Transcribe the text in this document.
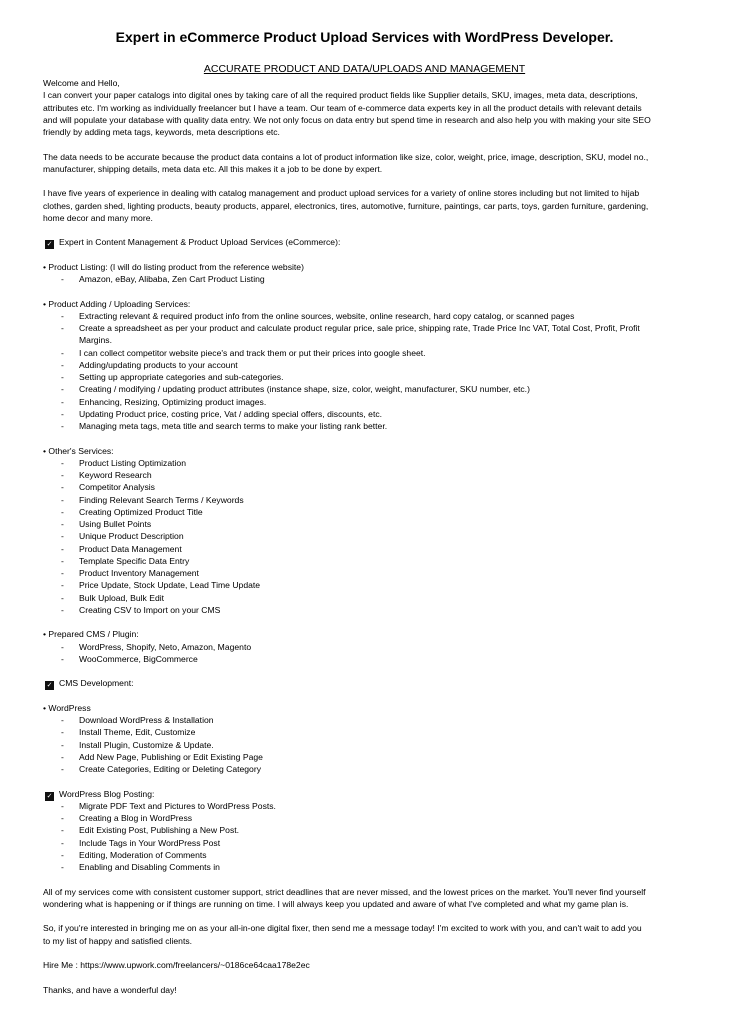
Expert in eCommerce Product Upload Services with WordPress Developer.
ACCURATE PRODUCT AND DATA/UPLOADS AND MANAGEMENT
Welcome and Hello,
I can convert your paper catalogs into digital ones by taking care of all the required product fields like Supplier details, SKU, images, meta data, descriptions,
attributes etc. I'm working as individually freelancer but I have a team. Our team of e-commerce data experts key in all the product details with relevant details
and will populate your database with quality data entry. We not only focus on data entry but spend time in research and also help you with making your site SEO
friendly by adding meta tags, keywords, meta descriptions etc.
The data needs to be accurate because the product data contains a lot of product information like size, color, weight, price, image, description, SKU, model no.,
manufacturer, shipping details, meta data etc. All this makes it a job to be done by expert.
I have five years of experience in dealing with catalog management and product upload services for a variety of online stores including but not limited to hijab
clothes, garden shed, lighting products, beauty products, apparel, electronics, tires, automotive, furniture, paintings, car parts, toys, garden furniture, gardening,
home decor and many more.
✓ Expert in Content Management & Product Upload Services (eCommerce):
• Product Listing: (I will do listing product from the reference website)
- Amazon, eBay, Alibaba, Zen Cart Product Listing
• Product Adding / Uploading Services:
- Extracting relevant & required product info from the online sources, website, online research, hard copy catalog, or scanned pages
- Create a spreadsheet as per your product and calculate product regular price, sale price, shipping rate, Trade Price Inc VAT, Total Cost, Profit, Profit
Margins.
- I can collect competitor website piece's and track them or put their prices into google sheet.
- Adding/updating products to your account
- Setting up appropriate categories and sub-categories.
- Creating / modifying / updating product attributes (instance shape, size, color, weight, manufacturer, SKU number, etc.)
- Enhancing, Resizing, Optimizing product images.
- Updating Product price, costing price, Vat / adding special offers, discounts, etc.
- Managing meta tags, meta title and search terms to make your listing rank better.
• Other's Services:
- Product Listing Optimization
- Keyword Research
- Competitor Analysis
- Finding Relevant Search Terms / Keywords
- Creating Optimized Product Title
- Using Bullet Points
- Unique Product Description
- Product Data Management
- Template Specific Data Entry
- Product Inventory Management
- Price Update, Stock Update, Lead Time Update
- Bulk Upload, Bulk Edit
- Creating CSV to Import on your CMS
• Prepared CMS / Plugin:
- WordPress, Shopify, Neto, Amazon, Magento
- WooCommerce, BigCommerce
✓ CMS Development:
• WordPress
- Download WordPress & Installation
- Install Theme, Edit, Customize
- Install Plugin, Customize & Update.
- Add New Page, Publishing or Edit Existing Page
- Create Categories, Editing or Deleting Category
✓ WordPress Blog Posting:
- Migrate PDF Text and Pictures to WordPress Posts.
- Creating a Blog in WordPress
- Edit Existing Post, Publishing a New Post.
- Include Tags in Your WordPress Post
- Editing, Moderation of Comments
- Enabling and Disabling Comments in
All of my services come with consistent customer support, strict deadlines that are never missed, and the lowest prices on the market. You'll never find yourself
wondering what is happening or if things are running on time. I will always keep you updated and aware of what I've completed and what my game plan is.
So, if you're interested in bringing me on as your all-in-one digital fixer, then send me a message today! I'm excited to work with you, and can't wait to add you
to my list of happy and satisfied clients.
Hire Me : https://www.upwork.com/freelancers/~0186ce64caa178e2ec
Thanks, and have a wonderful day!
